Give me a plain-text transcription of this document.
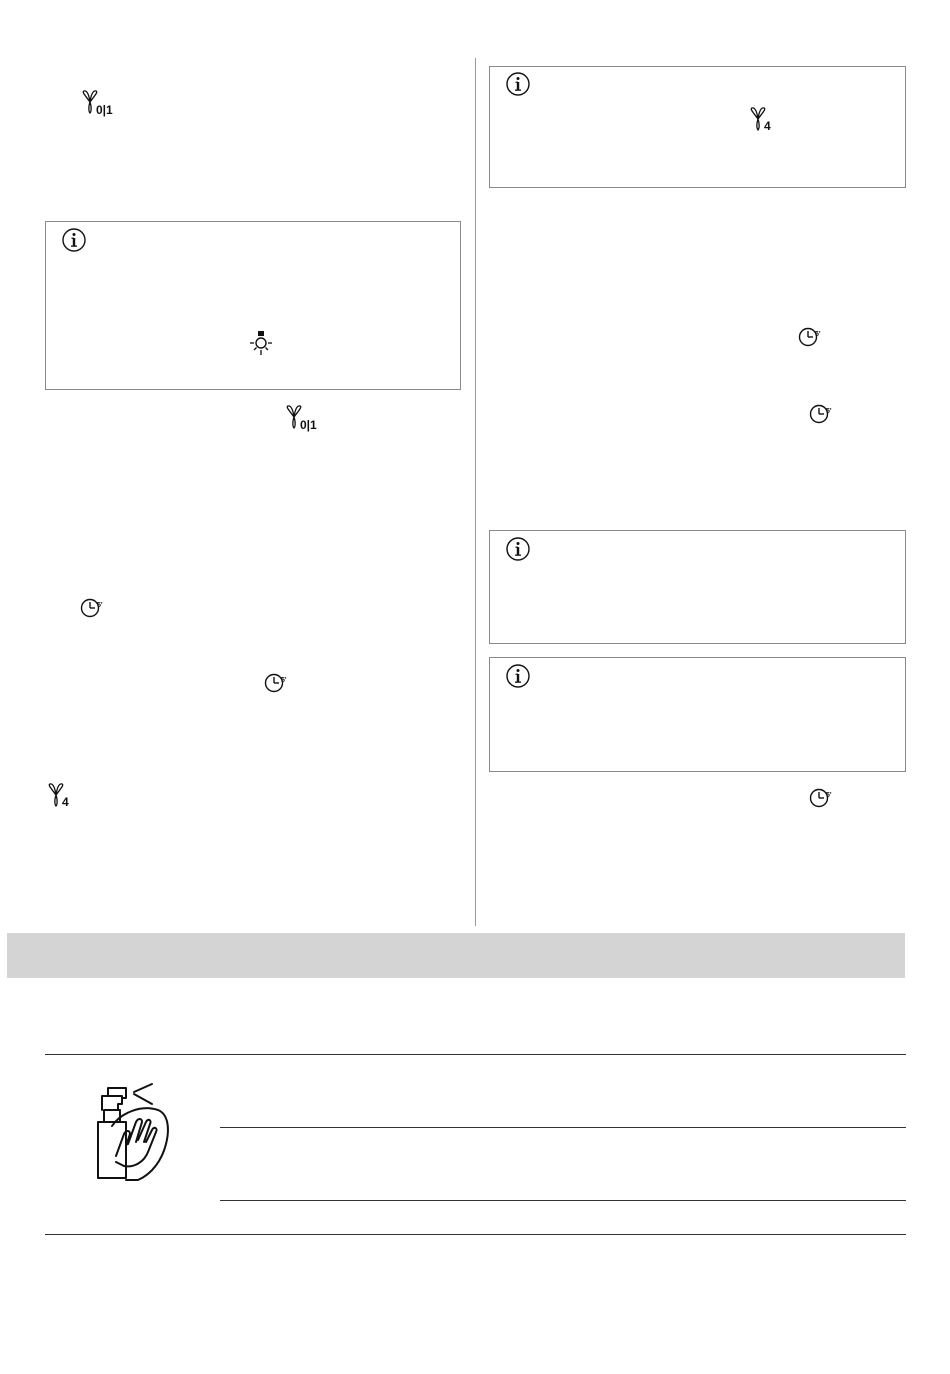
0|1
0|1
5'
5'
4
4
5'
5'
5'
